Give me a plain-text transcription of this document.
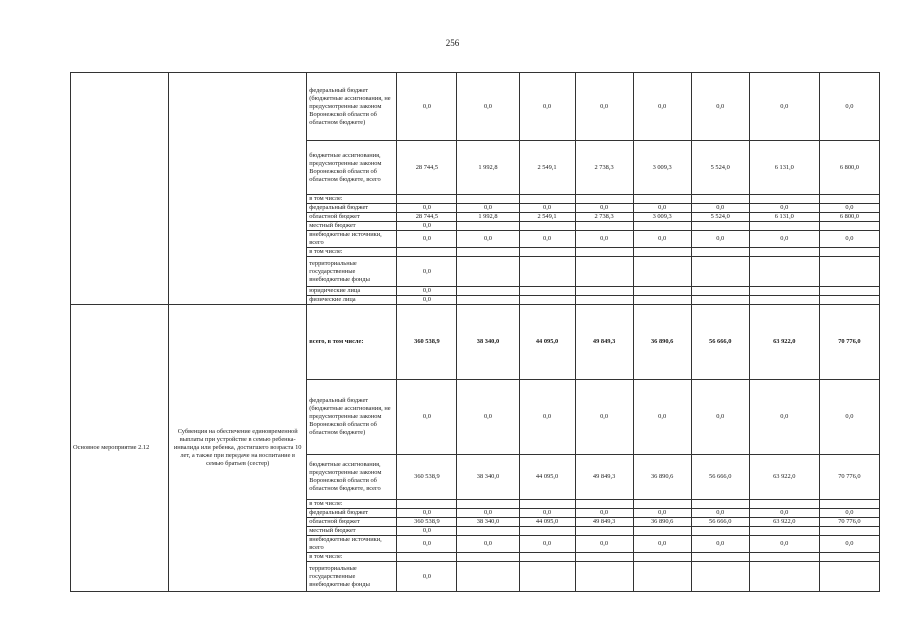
256
		федеральный бюджет (бюджетные ассигнования, не предусмотренные законом Воронежской области об областном бюджете)	0,0	0,0	0,0	0,0	0,0	0,0	0,0	0,0
		бюджетные ассигнования, предусмотренные законом Воронежской области об областном бюджете, всего	28 744,5	1 992,8	2 549,1	2 738,3	3 009,3	5 524,0	6 131,0	6 800,0
		в том числе:								
		федеральный бюджет	0,0	0,0	0,0	0,0	0,0	0,0	0,0	0,0
		областной бюджет	28 744,5	1 992,8	2 549,1	2 738,3	3 009,3	5 524,0	6 131,0	6 800,0
		местный бюджет	0,0							
		внебюджетные источники, всего	0,0	0,0	0,0	0,0	0,0	0,0	0,0	0,0
		в том числе:								
		территориальные государственные внебюджетные фонды	0,0							
		юридические лица	0,0							
		физические лица	0,0							
Основное мероприятие 2.12	Субвенция на обеспечение единовременной выплаты при устройстве в семью ребенка-инвалида или ребенка, достигшего возраста 10 лет, а также при передаче на воспитание в семью братьев (сестер)	всего, в том числе:	360 538,9	38 340,0	44 095,0	49 849,3	36 890,6	56 666,0	63 922,0	70 776,0
		федеральный бюджет (бюджетные ассигнования, не предусмотренные законом Воронежской области об областном бюджете)	0,0	0,0	0,0	0,0	0,0	0,0	0,0	0,0
		бюджетные ассигнования, предусмотренные законом Воронежской области об областном бюджете, всего	360 538,9	38 340,0	44 095,0	49 849,3	36 890,6	56 666,0	63 922,0	70 776,0
		в том числе:								
		федеральный бюджет	0,0	0,0	0,0	0,0	0,0	0,0	0,0	0,0
		областной бюджет	360 538,9	38 340,0	44 095,0	49 849,3	36 890,6	56 666,0	63 922,0	70 776,0
		местный бюджет	0,0							
		внебюджетные источники, всего	0,0	0,0	0,0	0,0	0,0	0,0	0,0	0,0
		в том числе:								
		территориальные государственные внебюджетные фонды	0,0							
